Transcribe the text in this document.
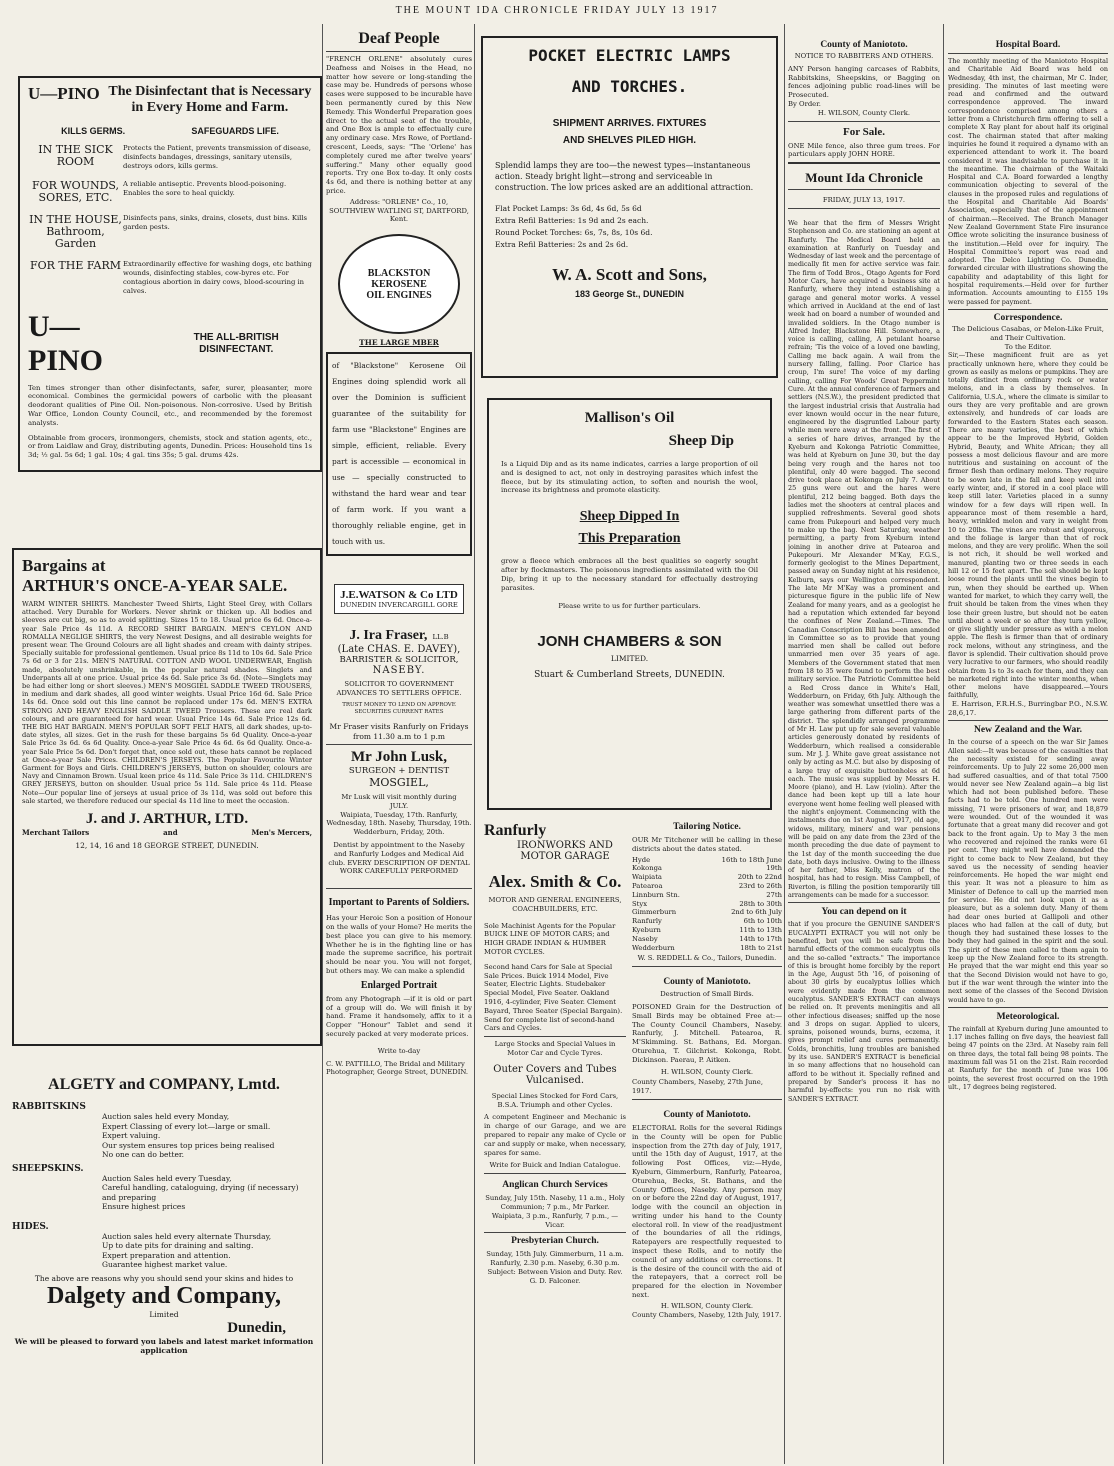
THE MOUNT IDA CHRONICLE FRIDAY JULY 13 1917
U—PINO The Disinfectant that is Necessary in Every Home and Farm.
KILLS GERMS.	SAFEGUARDS LIFE.
IN THE SICK ROOM	Protects the Patient, prevents transmission of disease, disinfects bandages, dressings, sanitary utensils, destroys odors, kills germs.
FOR WOUNDS, SORES, ETC.	A reliable antiseptic. Prevents blood-poisoning. Enables the sore to heal quickly.
IN THE HOUSE, Bathroom, Garden	Disinfects pans, sinks, drains, closets, dust bins. Kills garden pests.
FOR THE FARM	Extraordinarily effective for washing dogs, etc bathing wounds, disinfecting stables, cow-byres etc. For contagious abortion in dairy cows, blood-scouring in calves.
U—PINO
THE ALL-BRITISH DISINFECTANT.
Ten times stronger than other disinfectants, safer, surer, pleasanter, more economical. Combines the germicidal powers of carbolic with the pleasant deodorant qualities of Pine Oil. Non-poisonous. Non-corrosive. Used by British War Office, London County Council, etc., and recommended by the foremost analysts.
Obtainable from grocers, ironmongers, chemists, stock and station agents, etc., or from Laidlaw and Gray, distributing agents, Dunedin. Prices: Household tins 1s 3d; ½ gal. 5s 6d; 1 gal. 10s; 4 gal. tins 35s; 5 gal. drums 42s.
Bargains at
ARTHUR'S ONCE-A-YEAR SALE.
WARM WINTER SHIRTS. Manchester Tweed Shirts, Light Steel Grey, with Collars attached. Very Durable for Workers. Never shrink or thicken up. All bodies and sleeves are cut big, so as to avoid splitting. Sizes 15 to 18. Usual price 6s 6d. Once-a-year Sale Price 4s 11d. A RECORD SHIRT BARGAIN. MEN'S CEYLON AND ROMALLA NEGLIGE SHIRTS, the very Newest Designs, and all desirable weights for present wear. The Ground Colours are all light shades and cream with dainty stripes. Specially suitable for professional gentlemen. Usual price 8s 11d to 10s 6d. Sale Price 7s 6d or 3 for 21s. MEN'S NATURAL COTTON AND WOOL UNDERWEAR, English made, absolutely unshrinkable, in the popular natural shades. Singlets and Underpants all at one price. Usual price 4s 6d. Sale price 3s 6d. (Note—Singlets may be had either long or short sleeves.) MEN'S MOSGIEL SADDLE TWEED TROUSERS, in medium and dark shades, all good winter weights. Usual Price 16d 6d. Sale Price 14s 6d. Once sold out this line cannot be replaced under 17s 6d. MEN'S EXTRA STRONG AND HEAVY ENGLISH SADDLE TWEED Trousers. These are real dark colours, and are guaranteed for hard wear. Usual Price 14s 6d. Sale Price 12s 6d. THE BIG HAT BARGAIN. MEN'S POPULAR SOFT FELT HATS, all dark shades, up-to-date styles, all sizes. Get in the rush for these bargains 5s 6d Quality. Once-a-year Sale Price 3s 6d. 6s 6d Quality. Once-a-year Sale Price 4s 6d. 6s 6d Quality. Once-a-year Sale Price 5s 6d. Don't forget that, once sold out, these hats cannot be replaced at Once-a-year Sale Prices. CHILDREN'S JERSEYS. The Popular Favourite Winter Garment for Boys and Girls. CHILDREN'S JERSEYS, button on shoulder, colours are Navy and Cinnamon Brown. Usual keen price 4s 11d. Sale Price 3s 11d. CHILDREN'S GREY JERSEYS, button on shoulder. Usual price 5s 11d. Sale price 4s 11d. Please Note—Our popular line of jerseys at usual price of 3s 11d, was sold out before this sale started, we therefore reduced our special 4s 11d line to meet the occasion.
J. and J. ARTHUR, LTD.
Merchant Tailors	and	Men's Mercers,
12, 14, 16 and 18 GEORGE STREET, DUNEDIN.
ALGETY and COMPANY, Lmtd.
RABBITSKINS
Auction sales held every Monday,
Expert Classing of every lot—large or small.
Expert valuing.
Our system ensures top prices being realised
No one can do better.
SHEEPSKINS.
Auction Sales held every Tuesday,
Careful handling, cataloguing, drying (if necessary)
and preparing
Ensure highest prices
HIDES.
Auction sales held every alternate Thursday,
Up to date pits for draining and salting.
Expert preparation and attention.
Guarantee highest market value.
The above are reasons why you should send your skins and hides to
Dalgety and Company,
Limited
Dunedin,
We will be pleased to forward you labels and latest market information application
Deaf People
"FRENCH ORLENE" absolutely cures Deafness and Noises in the Head, no matter how severe or long-standing the case may be. Hundreds of persons whose cases were supposed to be incurable have been permanently cured by this New Remedy. This Wonderful Preparation goes direct to the actual seat of the trouble, and One Box is ample to effectually cure any ordinary case. Mrs Rowe, of Portland-crescent, Leeds, says: "The 'Orlene' has completely cured me after twelve years' suffering." Many other equally good reports. Try one Box to-day. It only costs 4s 6d, and there is nothing better at any price.
Address: "ORLENE" Co., 10, SOUTHVIEW WATLING ST, DARTFORD, Kent.
BLACKSTON
KEROSENE
OIL ENGINES
THE LARGE MBER
of "Blackstone" Kerosene Oil Engines doing splendid work all over the Dominion is sufficient guarantee of the suitability for farm use "Blackstone" Engines are simple, efficient, reliable. Every part is accessible — economical in use — specially constructed to withstand the hard wear and tear of farm work. If you want a thoroughly reliable engine, get in touch with us.
J.E.WATSON & Co LTD
DUNEDIN INVERCARGILL GORE
J. Ira Fraser, LL.B
(Late CHAS. E. DAVEY),
BARRISTER & SOLICITOR,
NASEBY.
SOLICITOR TO GOVERNMENT ADVANCES TO SETTLERS OFFICE.
TRUST MONEY TO LEND ON APPROVE SECURITIES CURRENT RATES
Mr Fraser visits Ranfurly on Fridays from 11.30 a.m to 1 p.m
Mr John Lusk,
SURGEON + DENTIST
MOSGIEL,
Mr Lusk will visit monthly during
JULY.
Waipiata, Tuesday, 17th. Ranfurly, Wednesday, 18th. Naseby, Thursday, 19th. Wedderburn, Friday, 20th.
Dentist by appointment to the Naseby and Ranfurly Lodges and Medical Aid club. EVERY DESCRIPTION OF DENTAL WORK CAREFULLY PERFORMED
Important to Parents of Soldiers.
Has your Heroic Son a position of Honour on the walls of your Home? He merits the best place you can give to his memory. Whether he is in the fighting line or has made the supreme sacrifice, his portrait should be near you. You will not forget, but others may. We can make a splendid
Enlarged Portrait
from any Photograph —if it is old or part of a group will do. We will finish it by hand. Frame it handsomely, affix to it a Copper "Honour" Tablet and send it securely packed at very moderate prices.
Write to-day
C. W. PATTILLO, The Bridal and Military Photographer, George Street, DUNEDIN.
POCKET ELECTRIC LAMPS
AND TORCHES.
SHIPMENT ARRIVES. FIXTURES
AND SHELVES PILED HIGH.
Splendid lamps they are too—the newest types—instantaneous action. Steady bright light—strong and serviceable in construction. The low prices asked are an additional attraction.
Flat Pocket Lamps: 3s 6d, 4s 6d, 5s 6d
Extra Refil Batteries: 1s 9d and 2s each.
Round Pocket Torches: 6s, 7s, 8s, 10s 6d.
Extra Refil Batteries: 2s and 2s 6d.
W. A. Scott and Sons,
183 George St., DUNEDIN
Mallison's Oil
Sheep Dip
Is a Liquid Dip and as its name indicates, carries a large proportion of oil and is designed to act, not only in destroying parasites which infest the fleece, but by its stimulating action, to soften and nourish the wool, increase its brightness and promote elasticity.
Sheep Dipped In
This Preparation
grow a fleece which embraces all the best qualities so eagerly sought after by flockmasters. The poisonous ingredients assimilated with the Oil Dip, bring it up to the necessary standard for effectually destroying parasites.
Please write to us for further particulars.
JONH CHAMBERS & SON
LIMITED.
Stuart & Cumberland Streets, DUNEDIN.
Ranfurly
IRONWORKS AND MOTOR GARAGE
Alex. Smith & Co.
MOTOR AND GENERAL ENGINEERS, COACHBUILDERS, ETC.
Sole Machinist Agents for the Popular BUICK LINE OF MOTOR CARS; and HIGH GRADE INDIAN & HUMBER MOTOR CYCLES.
Second hand Cars for Sale at Special Sale Prices. Buick 1914 Model, Five Seater, Electric Lights. Studebaker Special Model, Five Seater. Oakland 1916, 4-cylinder, Five Seater. Clement Bayard, Three Seater (Special Bargain). Send for complete list of second-hand Cars and Cycles.
Large Stocks and Special Values in Motor Car and Cycle Tyres.
Outer Covers and Tubes Vulcanised.
Special Lines Stocked for Ford Cars, B.S.A. Triumph and other Cycles.
A competent Engineer and Mechanic is in charge of our Garage, and we are prepared to repair any make of Cycle or car and supply or make, when necessary, spares for same.
Write for Buick and Indian Catalogue.
Anglican Church Services
Sunday, July 15th. Naseby, 11 a.m., Holy Communion; 7 p.m., Mr Parker. Waipiata, 3 p.m., Ranfurly, 7 p.m., — Vicar.
Presbyterian Church.
Sunday, 15th July. Gimmerburn, 11 a.m. Ranfurly, 2.30 p.m. Naseby, 6.30 p.m. Subject: Between Vision and Duty. Rev. G. D. Falconer.
Tailoring Notice.
OUR Mr Titchener will be calling in these districts about the dates stated.
Hyde	16th to 18th June
Kokonga	19th
Waipiata	20th to 22nd
Patearoa	23rd to 26th
Linnburn Stn.	27th
Styx	28th to 30th
Gimmerburn	2nd to 6th July
Ranfurly	6th to 10th
Kyeburn	11th to 13th
Naseby	14th to 17th
Wedderburn	18th to 21st
W. S. REDDELL & Co., Tailors, Dunedin.
County of Maniototo.
Destruction of Small Birds.
POISONED Grain for the Destruction of Small Birds may be obtained Free at:— The County Council Chambers, Naseby. Ranfurly, J. Mitchell. Patearoa, R. M'Skimming. St. Bathans, Ed. Morgan. Oturehua, T. Gilchrist. Kokonga, Robt. Dickinson. Paerau, P. Aitken.
H. WILSON, County Clerk.
County Chambers, Naseby, 27th June, 1917.
County of Maniototo.
ELECTORAL Rolls for the several Ridings in the County will be open for Public inspection from the 27th day of July, 1917, until the 15th day of August, 1917, at the following Post Offices, viz:—Hyde, Kyeburn, Gimmerburn, Ranfurly, Patearoa, Oturehua, Becks, St. Bathans, and the County Offices, Naseby. Any person may on or before the 22nd day of August, 1917, lodge with the council an objection in writing under his hand to the County electoral roll. In view of the readjustment of the boundaries of all the ridings, Ratepayers are respectfully requested to inspect these Rolls, and to notify the council of any additions or corrections. It is the desire of the council with the aid of the ratepayers, that a correct roll be prepared for the election in November next.
H. WILSON, County Clerk.
County Chambers, Naseby, 12th July, 1917.
County of Maniototo.
NOTICE TO RABBITERS AND OTHERS.
ANY Person hanging carcases of Rabbits, Rabbitskins, Sheepskins, or Bagging on fences adjoining public road-lines will be Prosecuted.
By Order.
H. WILSON, County Clerk.
For Sale.
ONE Mile fence, also three gum trees. For particulars apply JOHN HORE.
Mount Ida Chronicle
FRIDAY, JULY 13, 1917.
We hear that the firm of Messrs Wright Stephenson and Co. are stationing an agent at Ranfurly. The Medical Board held an examination at Ranfurly on Tuesday and Wednesday of last week and the percentage of medically fit men for active service was fair. The firm of Todd Bros., Otago Agents for Ford Motor Cars, have acquired a business site at Ranfurly, where they intend establishing a garage and general motor works. A vessel which arrived in Auckland at the end of last week had on board a number of wounded and invalided soldiers. In the Otago number is Alfred Inder, Blackstone Hill. Somewhere, a voice is calling, calling, A petulant hoarse refrain; 'Tis the voice of a loved one bawling, Calling me back again. A wail from the nursery falling, falling. Poor Clarice has croup, I'm sure! The voice of my darling calling, calling For Woods' Great Peppermint Cure. At the annual conference of farmers and settlers (N.S.W.), the president predicted that the largest industrial crisis that Australia had ever known would occur in the near future, engineered by the disgruntled Labour party while men were away at the front. The first of a series of hare drives, arranged by the Kyeburn and Kokonga Patriotic Committee, was held at Kyeburn on June 30, but the day being very rough and the hares not too plentiful, only 40 were bagged. The second drive took place at Kokonga on July 7. About 25 guns were out and the hares were plentiful, 212 being bagged. Both days the ladies met the shooters at central places and supplied refreshments. Several good shots came from Pukepouri and helped very much to make up the bag. Next Saturday, weather permitting, a party from Kyeburn intend joining in another drive at Patearoa and Pukepouri. Mr Alexander M'Kay, F.G.S., formerly geologist to the Mines Department, passed away on Sunday night at his residence, Kelburn, says our Wellington correspondent. The late Mr M'Kay was a prominent and picturesque figure in the public life of New Zealand for many years, and as a geologist he had a reputation which extended far beyond the confines of New Zealand.—Times. The Canadian Conscription Bill has been amended in Committee so as to provide that young married men shall be called out before unmarried men over 35 years of age. Members of the Government stated that men from 18 to 35 were found to perform the best military service. The Patriotic Committee held a Red Cross dance in White's Hall, Wedderburn, on Friday, 6th July. Although the weather was somewhat unsettled there was a large gathering from different parts of the district. The splendidly arranged programme of Mr H. Law put up for sale several valuable articles generously donated by residents of Wedderburn, which realised a considerable sum. Mr J. J. White gave great assistance not only by acting as M.C. but also by disposing of a large tray of exquisite buttonholes at 6d each. The music was supplied by Messrs H. Moore (piano), and H. Law (violin). After the dance had been kept up till a late hour everyone went home feeling well pleased with the night's enjoyment. Commencing with the instalments due on 1st August, 1917, old age, widows, military, miners' and war pensions will be paid on any date from the 23rd of the month preceding the due date of payment to the 1st day of the month succeeding the due date, both days inclusive. Owing to the illness of her father, Miss Kelly, matron of the hospital, has had to resign. Miss Campbell, of Riverton, is filling the position temporarily till arrangements can be made for a successor.
You can depend on it
that if you procure the GENUINE SANDER'S EUCALYPTI EXTRACT you will not only be benefited, but you will be safe from the harmful effects of the common eucalyptus oils and the so-called "extracts." The importance of this is brought home forcibly by the report in the Age, August 5th '16, of poisoning of about 30 girls by eucalyptus lollies which were evidently made from the common eucalyptus. SANDER'S EXTRACT can always be relied on. It prevents meningitis and all other infectious diseases; sniffed up the nose and 3 drops on sugar. Applied to ulcers, sprains, poisoned wounds, burns, eczema, it gives prompt relief and cures permanently. Colds, bronchitis, lung troubles are banished by its use. SANDER'S EXTRACT is beneficial in so many affections that no household can afford to be without it. Specially refined and prepared by Sander's process it has no harmful by-effects: you run no risk with SANDER'S EXTRACT.
Hospital Board.
The monthly meeting of the Maniototo Hospital and Charitable Aid Board was held on Wednesday, 4th inst, the chairman, Mr C. Inder, presiding. The minutes of last meeting were read and confirmed and the outward correspondence approved. The inward correspondence comprised among others a letter from a Christchurch firm offering to sell a complete X Ray plant for about half its original cost. The chairman stated that after making inquiries he found it required a dynamo with an experienced attendant to work it. The board considered it was inadvisable to purchase it in the meantime. The chairman of the Waitaki Hospital and C.A. Board forwarded a lengthy communication objecting to several of the clauses in the proposed rules and regulations of the Hospital and Charitable Aid Boards' Association, especially that of the appointment of chairman.—Received. The Branch Manager New Zealand Government State Fire insurance Office wrote soliciting the insurance business of the institution.—Held over for inquiry. The Hospital Committee's report was read and adopted. The Delco Lighting Co. Dunedin, forwarded circular with illustrations showing the capability and adaptability of this light for hospital requirements.—Held over for further information. Accounts amounting to £155 19s were passed for payment.
Correspondence.
The Delicious Casabas, or Melon-Like Fruit, and Their Cultivation.
To the Editor.
Sir,—These magnificent fruit are as yet practically unknown here, where they could be grown as easily as melons or pumpkins. They are totally distinct from ordinary rock or water melons, and in a class by themselves. In California, U.S.A., where the climate is similar to ours they are very profitable and are grown extensively, and hundreds of car loads are forwarded to the Eastern States each season. There are many varieties, the best of which appear to be the Improved Hybrid, Golden Hybrid, Beauty, and White African; they all possess a most delicious flavour and are more nutritious and sustaining on account of the firmer flesh than ordinary melons. They require to be sown late in the fall and keep well into early winter, and, if stored in a cool place will keep still later. Varieties placed in a sunny window for a few days will ripen well. In appearance most of them resemble a hard, heavy, wrinkled melon and vary in weight from 10 to 20lbs. The vines are robust and vigorous, and the foliage is larger than that of rock melons, and they are very prolific. When the soil is not rich, it should be well worked and manured, planting two or three seeds in each hill 12 or 15 feet apart. The soil should be kept loose round the plants until the vines begin to run, when they should be earthed up. When wanted for market, to which they carry well, the fruit should be taken from the vines when they lose their green lustre, but should not be eaten until about a week or so after they turn yellow, or give slightly under pressure as with a melon apple. The flesh is firmer than that of ordinary rock melons, without any stringiness, and the flavor is splendid. Their cultivation should prove very lucrative to our farmers, who should readily obtain from 1s to 3s each for them, and they can be marketed right into the winter months, when other melons have disappeared.—Yours faithfully,
E. Harrison, F.R.H.S., Burringbar P.O., N.S.W.
28,6,17.
New Zealand and the War.
In the course of a speech on the war Sir James Allen said:—It was because of the casualties that the necessity existed for sending away reinforcements. Up to July 22 some 26,000 men had suffered casualties, and of that total 7500 would never see New Zealand again—a big list which had not been published before. These facts had to be told. One hundred men were missing, 71 were prisoners of war, and 18,879 were wounded. Out of the wounded it was fortunate that a great many did recover and got back to the front again. Up to May 3 the men who recovered and rejoined the ranks were 61 per cent. They might well have demanded the right to come back to New Zealand, but they saved us the necessity of sending heavier reinforcements. He hoped the war might end this year. It was not a pleasure to him as Minister of Defence to call up the married men for service. He did not look upon it as a pleasure, but as a solemn duty. Many of them had dear ones buried at Gallipoli and other places who had fallen at the call of duty, but though they had sustained these losses to the body they had gained in the spirit and the soul. The spirit of these men called to them again to keep up the New Zealand force to its strength. He prayed that the war might end this year so that the Second Division would not have to go, but if the war went through the winter into the next some of the classes of the Second Division would have to go.
Meteorological.
The rainfall at Kyeburn during June amounted to 1.17 inches falling on five days, the heaviest fall being 47 points on the 23rd. At Naseby rain fell on three days, the total fall being 98 points. The maximum fall was 51 on the 21st. Rain recorded at Ranfurly for the month of June was 106 points, the severest frost occurred on the 19th ult., 17 degrees being registered.
